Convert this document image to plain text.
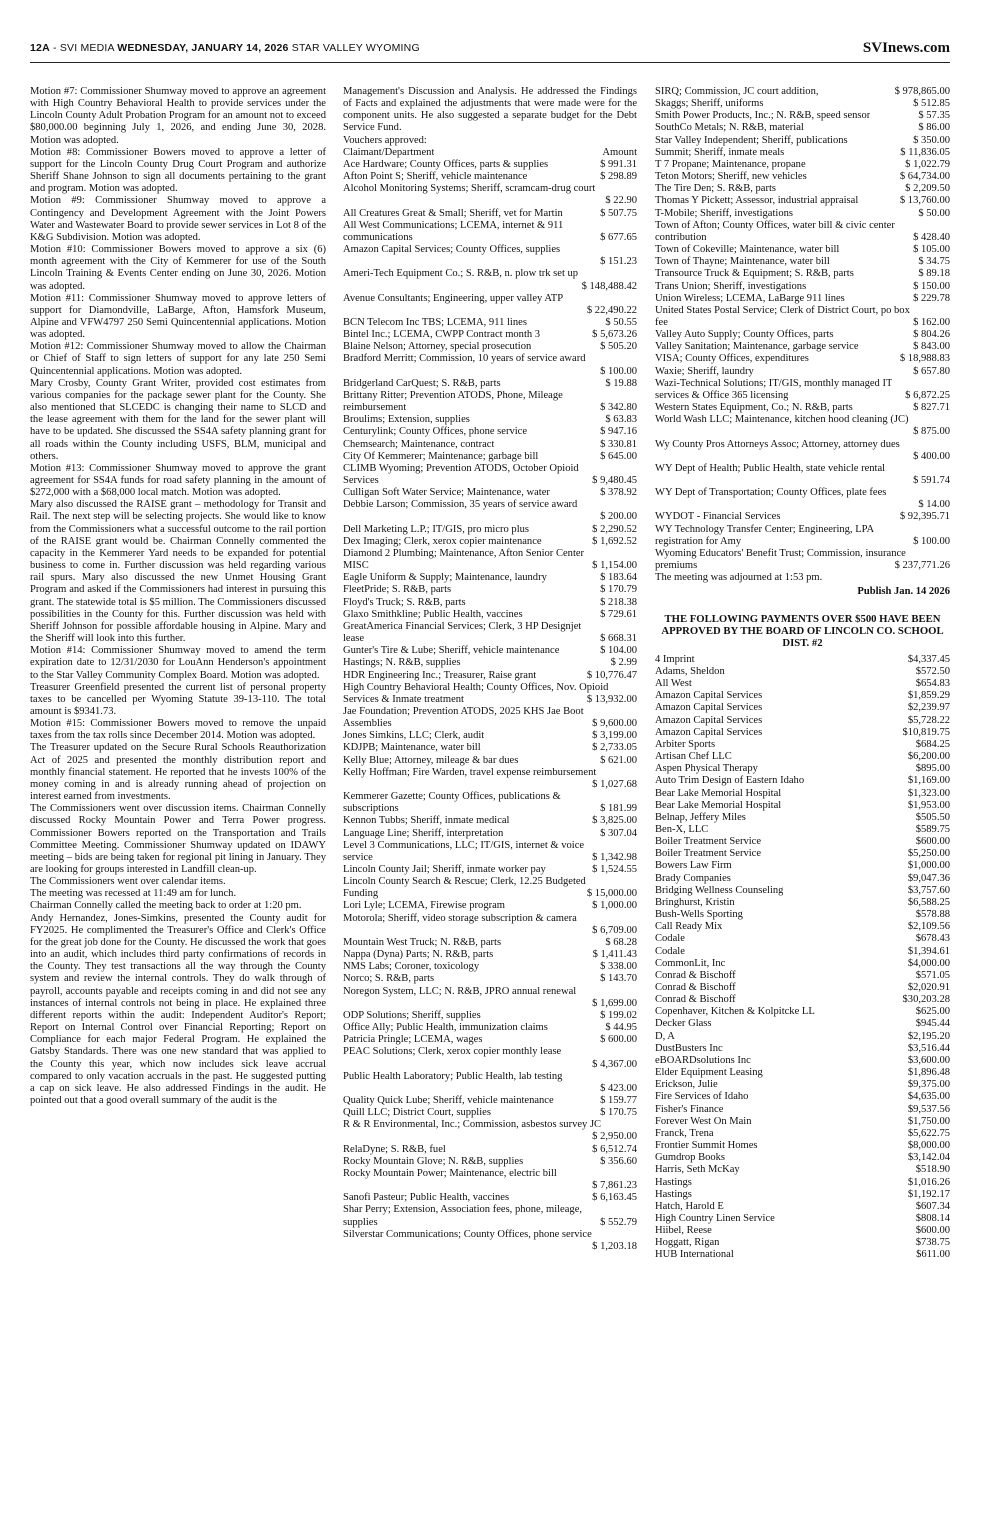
12A - SVI MEDIA WEDNESDAY, JANUARY 14, 2026 STAR VALLEY WYOMING	SVInews.com
Motion #7: Commissioner Shumway moved to approve an agreement with High Country Behavioral Health to provide services under the Lincoln County Adult Probation Program for an amount not to exceed $80,000.00 beginning July 1, 2026, and ending June 30, 2028. Motion was adopted.
Motion #8: Commissioner Bowers moved to approve a letter of support for the Lincoln County Drug Court Program and authorize Sheriff Shane Johnson to sign all documents pertaining to the grant and program. Motion was adopted.
Motion #9: Commissioner Shumway moved to approve a Contingency and Development Agreement with the Joint Powers Water and Wastewater Board to provide sewer services in Lot 8 of the K&G Subdivision. Motion was adopted.
Motion #10: Commissioner Bowers moved to approve a six (6) month agreement with the City of Kemmerer for use of the South Lincoln Training & Events Center ending on June 30, 2026. Motion was adopted.
Motion #11: Commissioner Shumway moved to approve letters of support for Diamondville, LaBarge, Afton, Hamsfork Museum, Alpine and VFW4797 250 Semi Quincentennial applications. Motion was adopted.
Motion #12: Commissioner Shumway moved to allow the Chairman or Chief of Staff to sign letters of support for any late 250 Semi Quincentennial applications. Motion was adopted.
Mary Crosby, County Grant Writer, provided cost estimates from various companies for the package sewer plant for the County. She also mentioned that SLCEDC is changing their name to SLCD and the lease agreement with them for the land for the sewer plant will have to be updated. She discussed the SS4A safety planning grant for all roads within the County including USFS, BLM, municipal and others.
Motion #13: Commissioner Shumway moved to approve the grant agreement for SS4A funds for road safety planning in the amount of $272,000 with a $68,000 local match. Motion was adopted.
Mary also discussed the RAISE grant – methodology for Transit and Rail. The next step will be selecting projects. She would like to know from the Commissioners what a successful outcome to the rail portion of the RAISE grant would be. Chairman Connelly commented the capacity in the Kemmerer Yard needs to be expanded for potential business to come in. Further discussion was held regarding various rail spurs. Mary also discussed the new Unmet Housing Grant Program and asked if the Commissioners had interest in pursuing this grant. The statewide total is $5 million. The Commissioners discussed possibilities in the County for this. Further discussion was held with Sheriff Johnson for possible affordable housing in Alpine. Mary and the Sheriff will look into this further.
Motion #14: Commissioner Shumway moved to amend the term expiration date to 12/31/2030 for LouAnn Henderson's appointment to the Star Valley Community Complex Board. Motion was adopted.
Treasurer Greenfield presented the current list of personal property taxes to be cancelled per Wyoming Statute 39-13-110. The total amount is $9341.73.
Motion #15: Commissioner Bowers moved to remove the unpaid taxes from the tax rolls since December 2014. Motion was adopted.
The Treasurer updated on the Secure Rural Schools Reauthorization Act of 2025 and presented the monthly distribution report and monthly financial statement. He reported that he invests 100% of the money coming in and is already running ahead of projection on interest earned from investments.
The Commissioners went over discussion items. Chairman Connelly discussed Rocky Mountain Power and Terra Power progress. Commissioner Bowers reported on the Transportation and Trails Committee Meeting. Commissioner Shumway updated on IDAWY meeting – bids are being taken for regional pit lining in January. They are looking for groups interested in Landfill clean-up.
The Commissioners went over calendar items.
The meeting was recessed at 11:49 am for lunch.
Chairman Connelly called the meeting back to order at 1:20 pm.
Andy Hernandez, Jones-Simkins, presented the County audit for FY2025. He complimented the Treasurer's Office and Clerk's Office for the great job done for the County. He discussed the work that goes into an audit, which includes third party confirmations of records in the County. They test transactions all the way through the County system and review the internal controls. They do walk through of payroll, accounts payable and receipts coming in and did not see any instances of internal controls not being in place. He explained three different reports within the audit: Independent Auditor's Report; Report on Internal Control over Financial Reporting; Report on Compliance for each major Federal Program. He explained the Gatsby Standards. There was one new standard that was applied to the County this year, which now includes sick leave accrual compared to only vacation accruals in the past. He suggested putting a cap on sick leave. He also addressed Findings in the audit. He pointed out that a good overall summary of the audit is the
Management's Discussion and Analysis. He addressed the Findings of Facts and explained the adjustments that were made were for the component units. He also suggested a separate budget for the Debt Service Fund.
Vouchers approved:
Claimant/Department	Amount
Ace Hardware; County Offices, parts & supplies	$ 991.31
Afton Point S; Sheriff, vehicle maintenance	$ 298.89
Alcohol Monitoring Systems; Sheriff, scramcam-drug court
$ 22.90
All Creatures Great & Small; Sheriff, vet for Martin	$ 507.75
All West Communications; LCEMA, internet & 911
communications	$ 677.65
Amazon Capital Services; County Offices, supplies
$ 151.23
Ameri-Tech Equipment Co.; S. R&B, n. plow trk set up
$ 148,488.42
Avenue Consultants; Engineering, upper valley ATP
$ 22,490.22
BCN Telecom Inc TBS; LCEMA, 911 lines	$ 50.55
Bintel Inc.; LCEMA, CWPP Contract month 3	$ 5,673.26
Blaine Nelson; Attorney, special prosecution	$ 505.20
Bradford Merritt; Commission, 10 years of service award
$ 100.00
Bridgerland CarQuest; S. R&B, parts	$ 19.88
Brittany Ritter; Prevention ATODS, Phone, Mileage
reimbursement	$ 342.80
Broulims; Extension, supplies	$ 63.83
Centurylink; County Offices, phone service	$ 947.16
Chemsearch; Maintenance, contract	$ 330.81
City Of Kemmerer; Maintenance; garbage bill	$ 645.00
CLIMB Wyoming; Prevention ATODS, October Opioid
Services	$ 9,480.45
Culligan Soft Water Service; Maintenance, water	$ 378.92
Debbie Larson; Commission, 35 years of service award
$ 200.00
Dell Marketing L.P.; IT/GIS, pro micro plus	$ 2,290.52
Dex Imaging; Clerk, xerox copier maintenance	$ 1,692.52
Diamond 2 Plumbing; Maintenance, Afton Senior Center
MISC	$ 1,154.00
Eagle Uniform & Supply; Maintenance, laundry	$ 183.64
FleetPride; S. R&B, parts	$ 170.79
Floyd's Truck; S. R&B, parts	$ 218.38
Glaxo Smithkline; Public Health, vaccines	$ 729.61
GreatAmerica Financial Services; Clerk, 3 HP Designjet
lease	$ 668.31
Gunter's Tire & Lube; Sheriff, vehicle maintenance	$ 104.00
Hastings; N. R&B, supplies	$ 2.99
HDR Engineering Inc.; Treasurer, Raise grant	$ 10,776.47
High Country Behavioral Health; County Offices, Nov. Opioid
Services & Inmate treatment	$ 13,932.00
Jae Foundation; Prevention ATODS, 2025 KHS Jae Boot
Assemblies	$ 9,600.00
Jones Simkins, LLC; Clerk, audit	$ 3,199.00
KDJPB; Maintenance, water bill	$ 2,733.05
Kelly Blue; Attorney, mileage & bar dues	$ 621.00
Kelly Hoffman; Fire Warden, travel expense reimbursement
$ 1,027.68
Kemmerer Gazette; County Offices, publications &
subscriptions	$ 181.99
Kennon Tubbs; Sheriff, inmate medical	$ 3,825.00
Language Line; Sheriff, interpretation	$ 307.04
Level 3 Communications, LLC; IT/GIS, internet & voice
service	$ 1,342.98
Lincoln County Jail; Sheriff, inmate worker pay	$ 1,524.55
Lincoln County Search & Rescue; Clerk, 12.25 Budgeted
Funding	$ 15,000.00
Lori Lyle; LCEMA, Firewise program	$ 1,000.00
Motorola; Sheriff, video storage subscription & camera
$ 6,709.00
Mountain West Truck; N. R&B, parts	$ 68.28
Nappa (Dyna) Parts; N. R&B, parts	$ 1,411.43
NMS Labs; Coroner, toxicology	$ 338.00
Norco; S. R&B, parts	$ 143.70
Noregon System, LLC; N. R&B, JPRO annual renewal
$ 1,699.00
ODP Solutions; Sheriff, supplies	$ 199.02
Office Ally; Public Health, immunization claims	$ 44.95
Patricia Pringle; LCEMA, wages	$ 600.00
PEAC Solutions; Clerk, xerox copier monthly lease
$ 4,367.00
Public Health Laboratory; Public Health, lab testing
$ 423.00
Quality Quick Lube; Sheriff, vehicle maintenance	$ 159.77
Quill LLC; District Court, supplies	$ 170.75
R & R Environmental, Inc.; Commission, asbestos survey JC
$ 2,950.00
RelaDyne; S. R&B, fuel	$ 6,512.74
Rocky Mountain Glove; N. R&B, supplies	$ 356.60
Rocky Mountain Power; Maintenance, electric bill
$ 7,861.23
Sanofi Pasteur; Public Health, vaccines	$ 6,163.45
Shar Perry; Extension, Association fees, phone, mileage,
supplies	$ 552.79
Silverstar Communications; County Offices, phone service
$ 1,203.18
SIRQ; Commission, JC court addition,	$ 978,865.00
Skaggs; Sheriff, uniforms	$ 512.85
Smith Power Products, Inc.; N. R&B, speed sensor	$ 57.35
SouthCo Metals; N. R&B, material	$ 86.00
Star Valley Independent; Sheriff, publications	$ 350.00
Summit; Sheriff, inmate meals	$ 11,836.05
T 7 Propane; Maintenance, propane	$ 1,022.79
Teton Motors; Sheriff, new vehicles	$ 64,734.00
The Tire Den; S. R&B, parts	$ 2,209.50
Thomas Y Pickett; Assessor, industrial appraisal	$ 13,760.00
T-Mobile; Sheriff, investigations	$ 50.00
Town of Afton; County Offices, water bill & civic center
contribution	$ 428.40
Town of Cokeville; Maintenance, water bill	$ 105.00
Town of Thayne; Maintenance, water bill	$ 34.75
Transource Truck & Equipment; S. R&B, parts	$ 89.18
Trans Union; Sheriff, investigations	$ 150.00
Union Wireless; LCEMA, LaBarge 911 lines	$ 229.78
United States Postal Service; Clerk of District Court, po box
fee	$ 162.00
Valley Auto Supply; County Offices, parts	$ 804.26
Valley Sanitation; Maintenance, garbage service	$ 843.00
VISA; County Offices, expenditures	$ 18,988.83
Waxie; Sheriff, laundry	$ 657.80
Wazi-Technical Solutions; IT/GIS, monthly managed IT
services & Office 365 licensing	$ 6,872.25
Western States Equipment, Co.; N. R&B, parts	$ 827.71
World Wash LLC; Maintenance, kitchen hood cleaning (JC)
$ 875.00
Wy County Pros Attorneys Assoc; Attorney, attorney dues
$ 400.00
WY Dept of Health; Public Health, state vehicle rental
$ 591.74
WY Dept of Transportation; County Offices, plate fees
$ 14.00
WYDOT - Financial Services	$ 92,395.71
WY Technology Transfer Center; Engineering, LPA
registration for Amy	$ 100.00
Wyoming Educators' Benefit Trust; Commission, insurance
premiums	$ 237,771.26
The meeting was adjourned at 1:53 pm.
Publish Jan. 14 2026
THE FOLLOWING PAYMENTS OVER $500 HAVE BEEN APPROVED BY THE BOARD OF LINCOLN CO. SCHOOL DIST. #2
4 Imprint	$4,337.45
Adams, Sheldon	$572.50
All West	$654.83
Amazon Capital Services	$1,859.29
Amazon Capital Services	$2,239.97
Amazon Capital Services	$5,728.22
Amazon Capital Services	$10,819.75
Arbiter Sports	$684.25
Artisan Chef LLC	$6,200.00
Aspen Physical Therapy	$895.00
Auto Trim Design of Eastern Idaho	$1,169.00
Bear Lake Memorial Hospital	$1,323.00
Bear Lake Memorial Hospital	$1,953.00
Belnap, Jeffery Miles	$505.50
Ben-X, LLC	$589.75
Boiler Treatment Service	$600.00
Boiler Treatment Service	$5,250.00
Bowers Law Firm	$1,000.00
Brady Companies	$9,047.36
Bridging Wellness Counseling	$3,757.60
Bringhurst, Kristin	$6,588.25
Bush-Wells Sporting	$578.88
Call Ready Mix	$2,109.56
Codale	$678.43
Codale	$1,394.61
CommonLit, Inc	$4,000.00
Conrad & Bischoff	$571.05
Conrad & Bischoff	$2,020.91
Conrad & Bischoff	$30,203.28
Copenhaver, Kitchen & Kolpitcke LL	$625.00
Decker Glass	$945.44
D, A	$2,195.20
DustBusters Inc	$3,516.44
eBOARDsolutions Inc	$3,600.00
Elder Equipment Leasing	$1,896.48
Erickson, Julie	$9,375.00
Fire Services of Idaho	$4,635.00
Fisher's Finance	$9,537.56
Forever West On Main	$1,750.00
Franck, Trena	$5,622.75
Frontier Summit Homes	$8,000.00
Gumdrop Books	$3,142.04
Harris, Seth McKay	$518.90
Hastings	$1,016.26
Hastings	$1,192.17
Hatch, Harold E	$607.34
High Country Linen Service	$808.14
Hiibel, Reese	$600.00
Hoggatt, Rigan	$738.75
HUB International	$611.00
